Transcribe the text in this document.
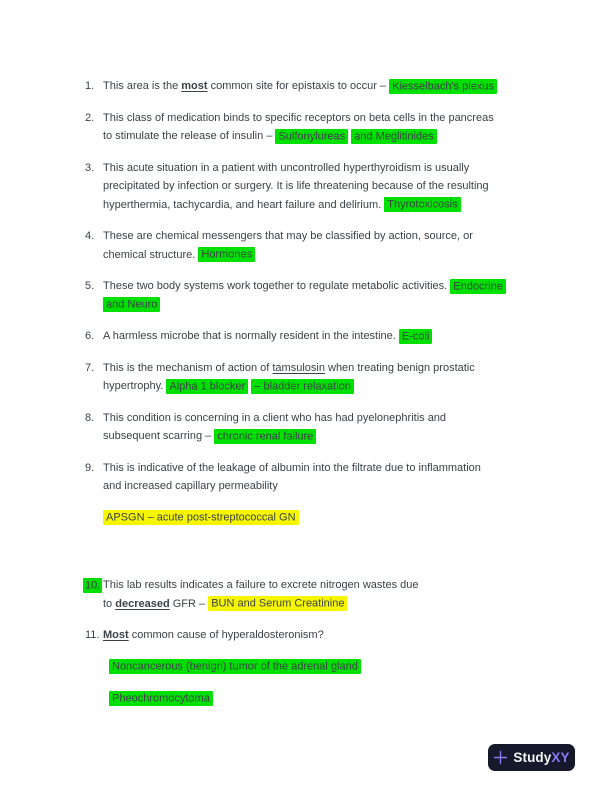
1. This area is the most common site for epistaxis to occur – Kiesselbach's plexus
2. This class of medication binds to specific receptors on beta cells in the pancreas
to stimulate the release of insulin – Sulfonylureas and Meglitinides
3. This acute situation in a patient with uncontrolled hyperthyroidism is usually
precipitated by infection or surgery. It is life threatening because of the resulting
hyperthermia, tachycardia, and heart failure and delirium. Thyrotoxicosis
4. These are chemical messengers that may be classified by action, source, or
chemical structure. Hormones
5. These two body systems work together to regulate metabolic activities. Endocrine
and Neuro
6. A harmless microbe that is normally resident in the intestine. E-coli
7. This is the mechanism of action of tamsulosin when treating benign prostatic
hypertrophy. Alpha 1 blocker – bladder relaxation
8. This condition is concerning in a client who has had pyelonephritis and
subsequent scarring – chronic renal failure
9. This is indicative of the leakage of albumin into the filtrate due to inflammation
and increased capillary permeability
APSGN – acute post-streptococcal GN
10. This lab results indicates a failure to excrete nitrogen wastes due
to decreased GFR – BUN and Serum Creatinine
11. Most common cause of hyperaldosteronism?
Noncancerous (benign) tumor of the adrenal gland
Pheochromocytoma
StudyXY
